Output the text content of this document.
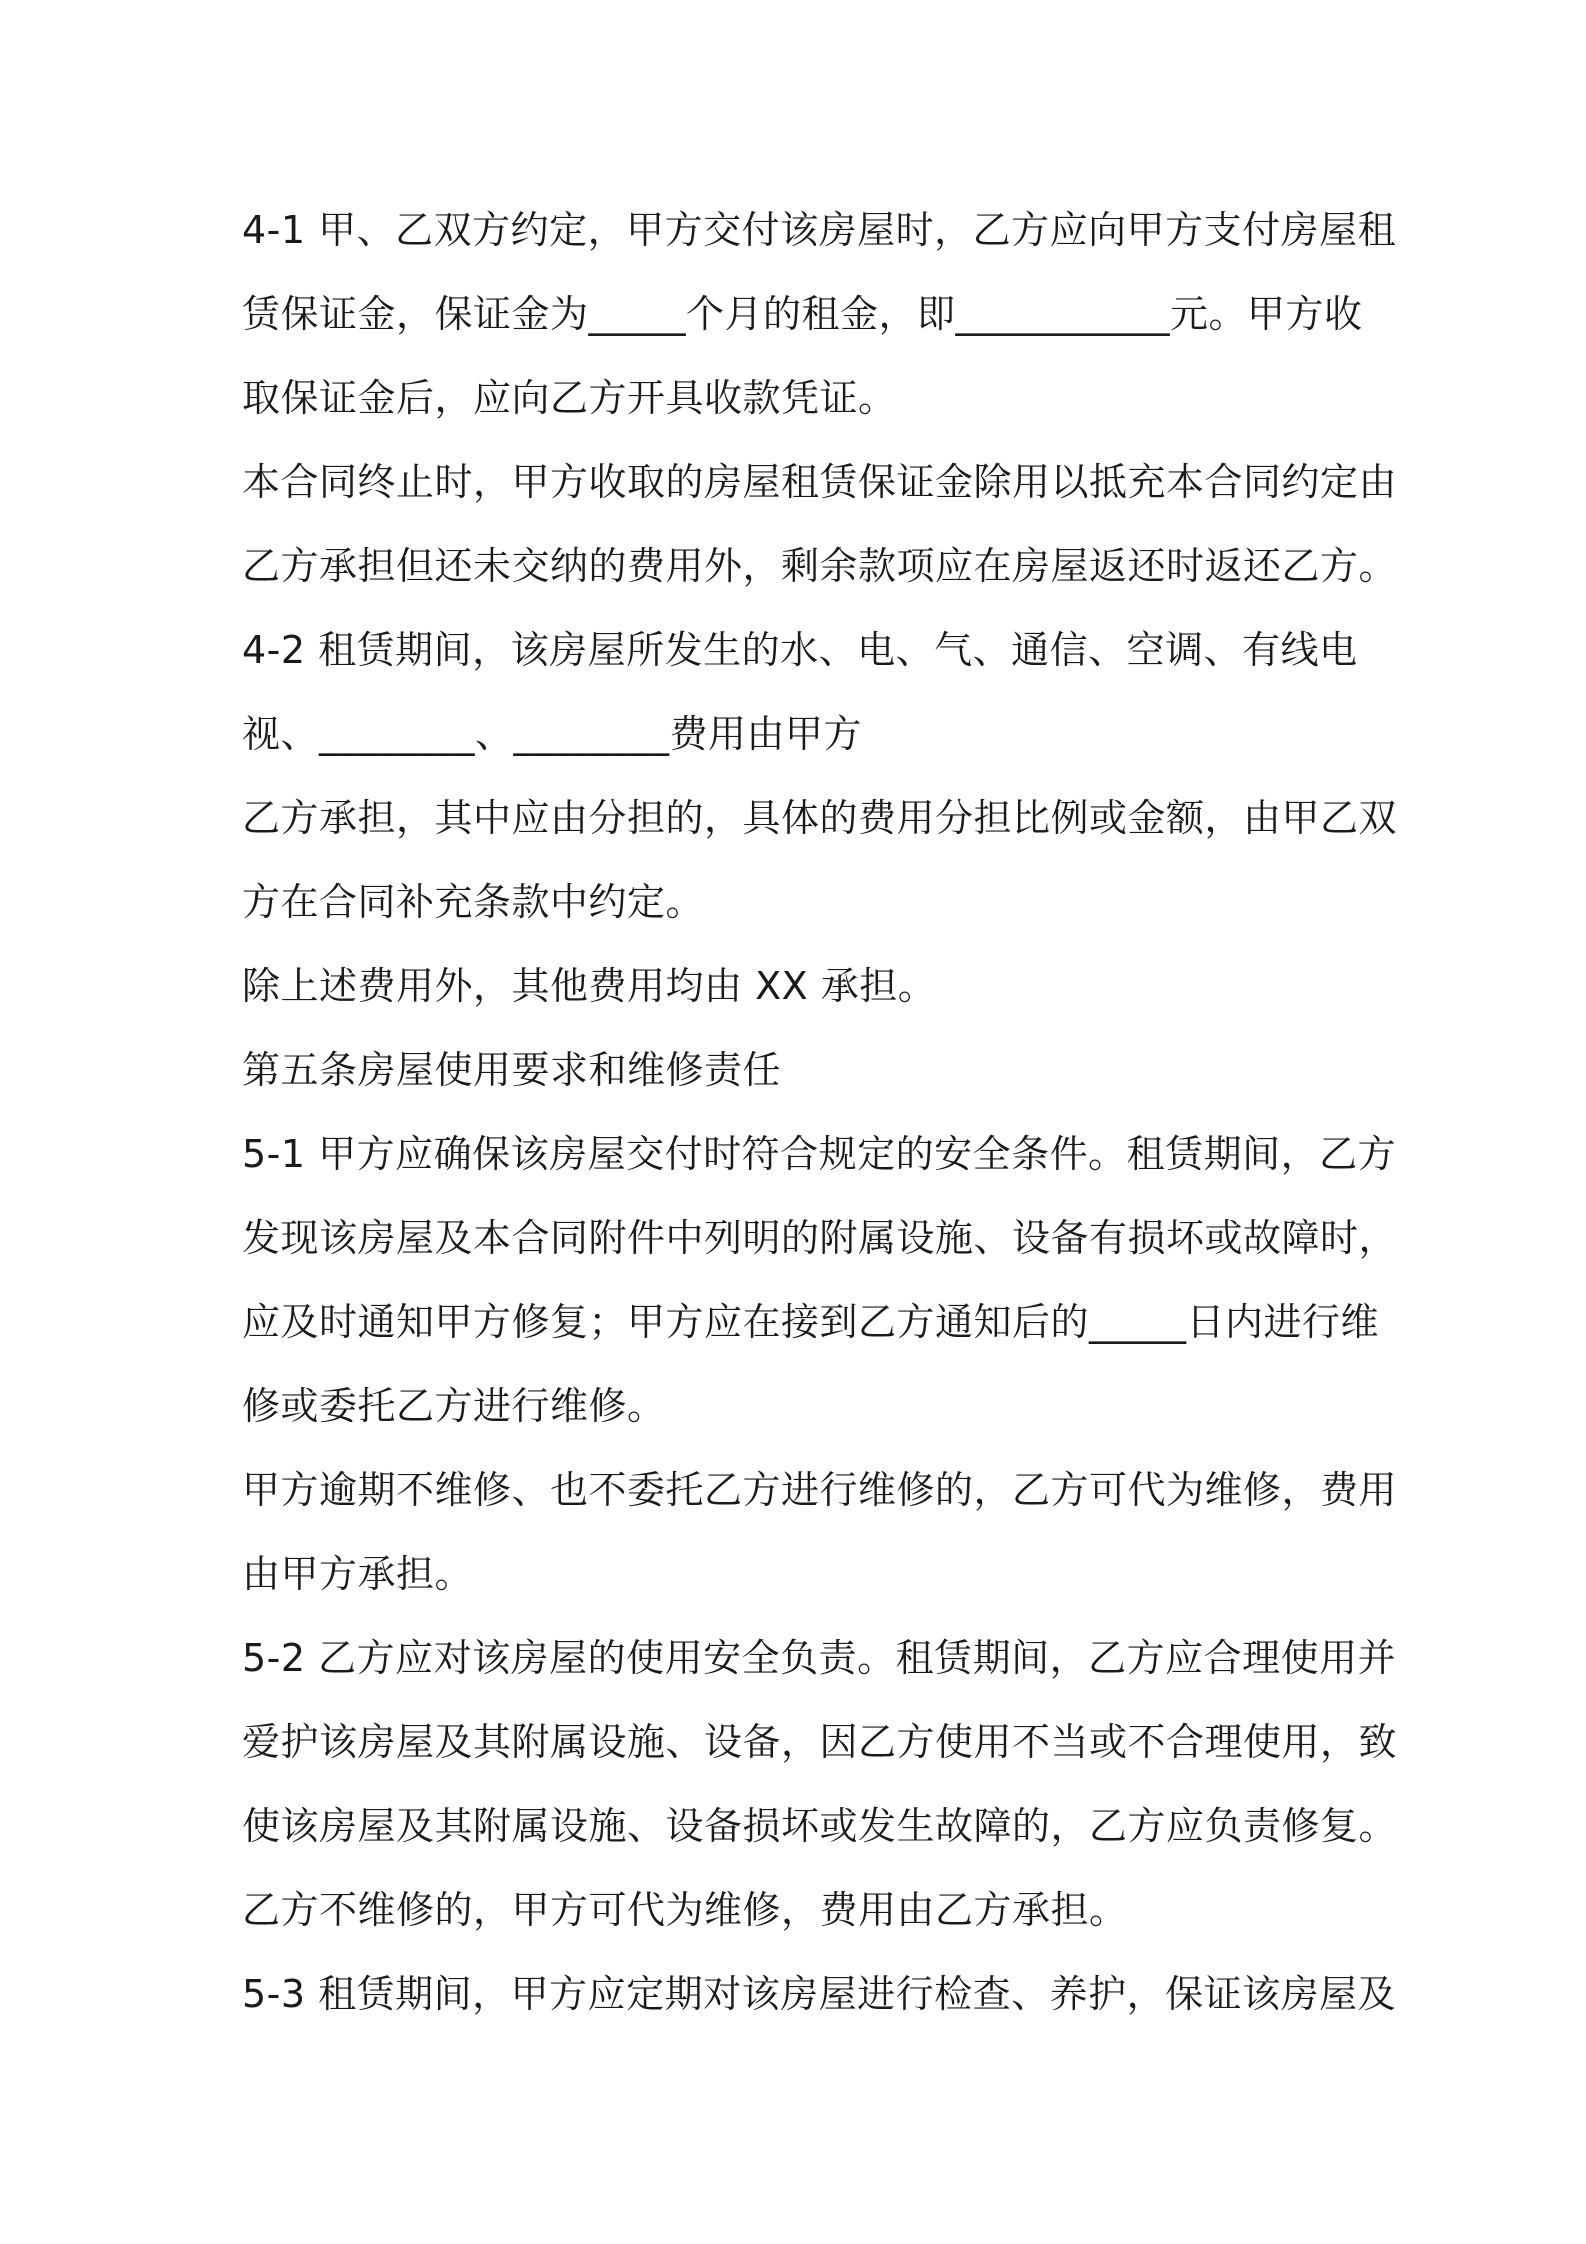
4-1 甲、乙双方约定，甲方交付该房屋时，乙方应向甲方支付房屋租
赁保证金，保证金为_____个月的租金，即___________元。甲方收
取保证金后，应向乙方开具收款凭证。
本合同终止时，甲方收取的房屋租赁保证金除用以抵充本合同约定由
乙方承担但还未交纳的费用外，剩余款项应在房屋返还时返还乙方。
4-2 租赁期间，该房屋所发生的水、电、气、通信、空调、有线电
视、________、________费用由甲方
乙方承担，其中应由分担的，具体的费用分担比例或金额，由甲乙双
方在合同补充条款中约定。
除上述费用外，其他费用均由 XX 承担。
第五条房屋使用要求和维修责任
5-1 甲方应确保该房屋交付时符合规定的安全条件。租赁期间，乙方
发现该房屋及本合同附件中列明的附属设施、设备有损坏或故障时，
应及时通知甲方修复；甲方应在接到乙方通知后的_____日内进行维
修或委托乙方进行维修。
甲方逾期不维修、也不委托乙方进行维修的，乙方可代为维修，费用
由甲方承担。
5-2 乙方应对该房屋的使用安全负责。租赁期间，乙方应合理使用并
爱护该房屋及其附属设施、设备，因乙方使用不当或不合理使用，致
使该房屋及其附属设施、设备损坏或发生故障的，乙方应负责修复。
乙方不维修的，甲方可代为维修，费用由乙方承担。
5-3 租赁期间，甲方应定期对该房屋进行检查、养护，保证该房屋及
